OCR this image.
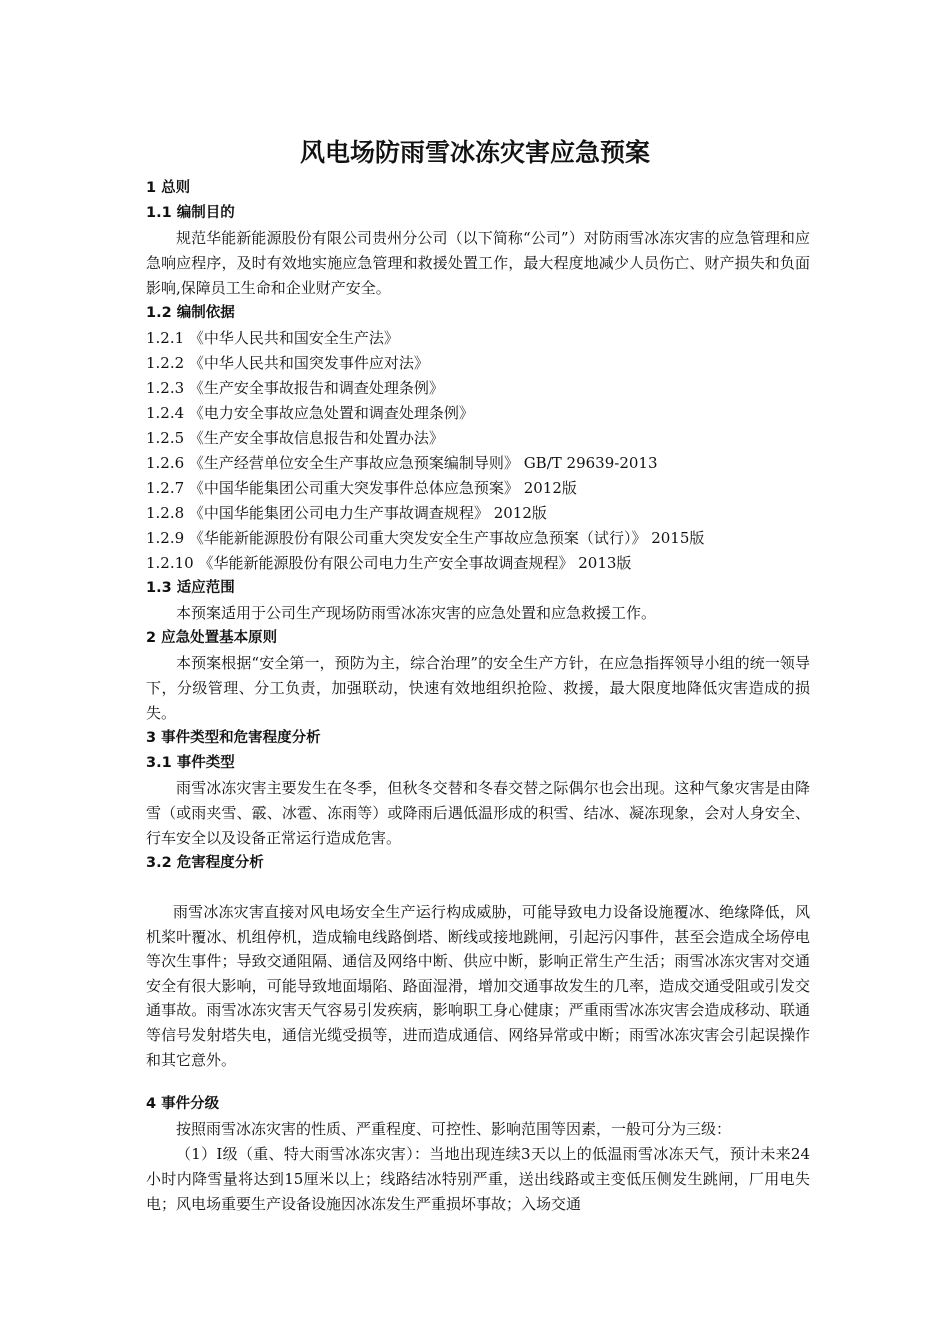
风电场防雨雪冰冻灾害应急预案
1 总则
1.1 编制目的
规范华能新能源股份有限公司贵州分公司（以下简称“公司”）对防雨雪冰冻灾害的应急管理和应急响应程序，及时有效地实施应急管理和救援处置工作，最大程度地减少人员伤亡、财产损失和负面影响,保障员工生命和企业财产安全。
1.2 编制依据
1.2.1 《中华人民共和国安全生产法》
1.2.2 《中华人民共和国突发事件应对法》
1.2.3 《生产安全事故报告和调查处理条例》
1.2.4 《电力安全事故应急处置和调查处理条例》
1.2.5 《生产安全事故信息报告和处置办法》
1.2.6 《生产经营单位安全生产事故应急预案编制导则》 GB/T 29639-2013
1.2.7 《中国华能集团公司重大突发事件总体应急预案》 2012版
1.2.8 《中国华能集团公司电力生产事故调查规程》 2012版
1.2.9 《华能新能源股份有限公司重大突发安全生产事故应急预案（试行）》 2015版
1.2.10 《华能新能源股份有限公司电力生产安全事故调查规程》 2013版
1.3 适应范围
本预案适用于公司生产现场防雨雪冰冻灾害的应急处置和应急救援工作。
2 应急处置基本原则
本预案根据“安全第一，预防为主，综合治理”的安全生产方针，在应急指挥领导小组的统一领导下，分级管理、分工负责，加强联动，快速有效地组织抢险、救援，最大限度地降低灾害造成的损失。
3 事件类型和危害程度分析
3.1 事件类型
雨雪冰冻灾害主要发生在冬季，但秋冬交替和冬春交替之际偶尔也会出现。这种气象灾害是由降雪（或雨夹雪、霰、冰雹、冻雨等）或降雨后遇低温形成的积雪、结冰、凝冻现象，会对人身安全、行车安全以及设备正常运行造成危害。
3.2 危害程度分析
雨雪冰冻灾害直接对风电场安全生产运行构成威胁，可能导致电力设备设施覆冰、绝缘降低，风机桨叶覆冰、机组停机，造成输电线路倒塔、断线或接地跳闸，引起污闪事件，甚至会造成全场停电等次生事件；导致交通阻隔、通信及网络中断、供应中断，影响正常生产生活；雨雪冰冻灾害对交通安全有很大影响，可能导致地面塌陷、路面湿滑，增加交通事故发生的几率，造成交通受阻或引发交通事故。雨雪冰冻灾害天气容易引发疾病，影响职工身心健康；严重雨雪冰冻灾害会造成移动、联通等信号发射塔失电，通信光缆受损等，进而造成通信、网络异常或中断；雨雪冰冻灾害会引起误操作和其它意外。
4 事件分级
按照雨雪冰冻灾害的性质、严重程度、可控性、影响范围等因素，一般可分为三级：
（1）Ⅰ级（重、特大雨雪冰冻灾害）：当地出现连续3天以上的低温雨雪冰冻天气，预计未来24小时内降雪量将达到15厘米以上；线路结冰特别严重，送出线路或主变低压侧发生跳闸，厂用电失电；风电场重要生产设备设施因冰冻发生严重损坏事故；入场交通
